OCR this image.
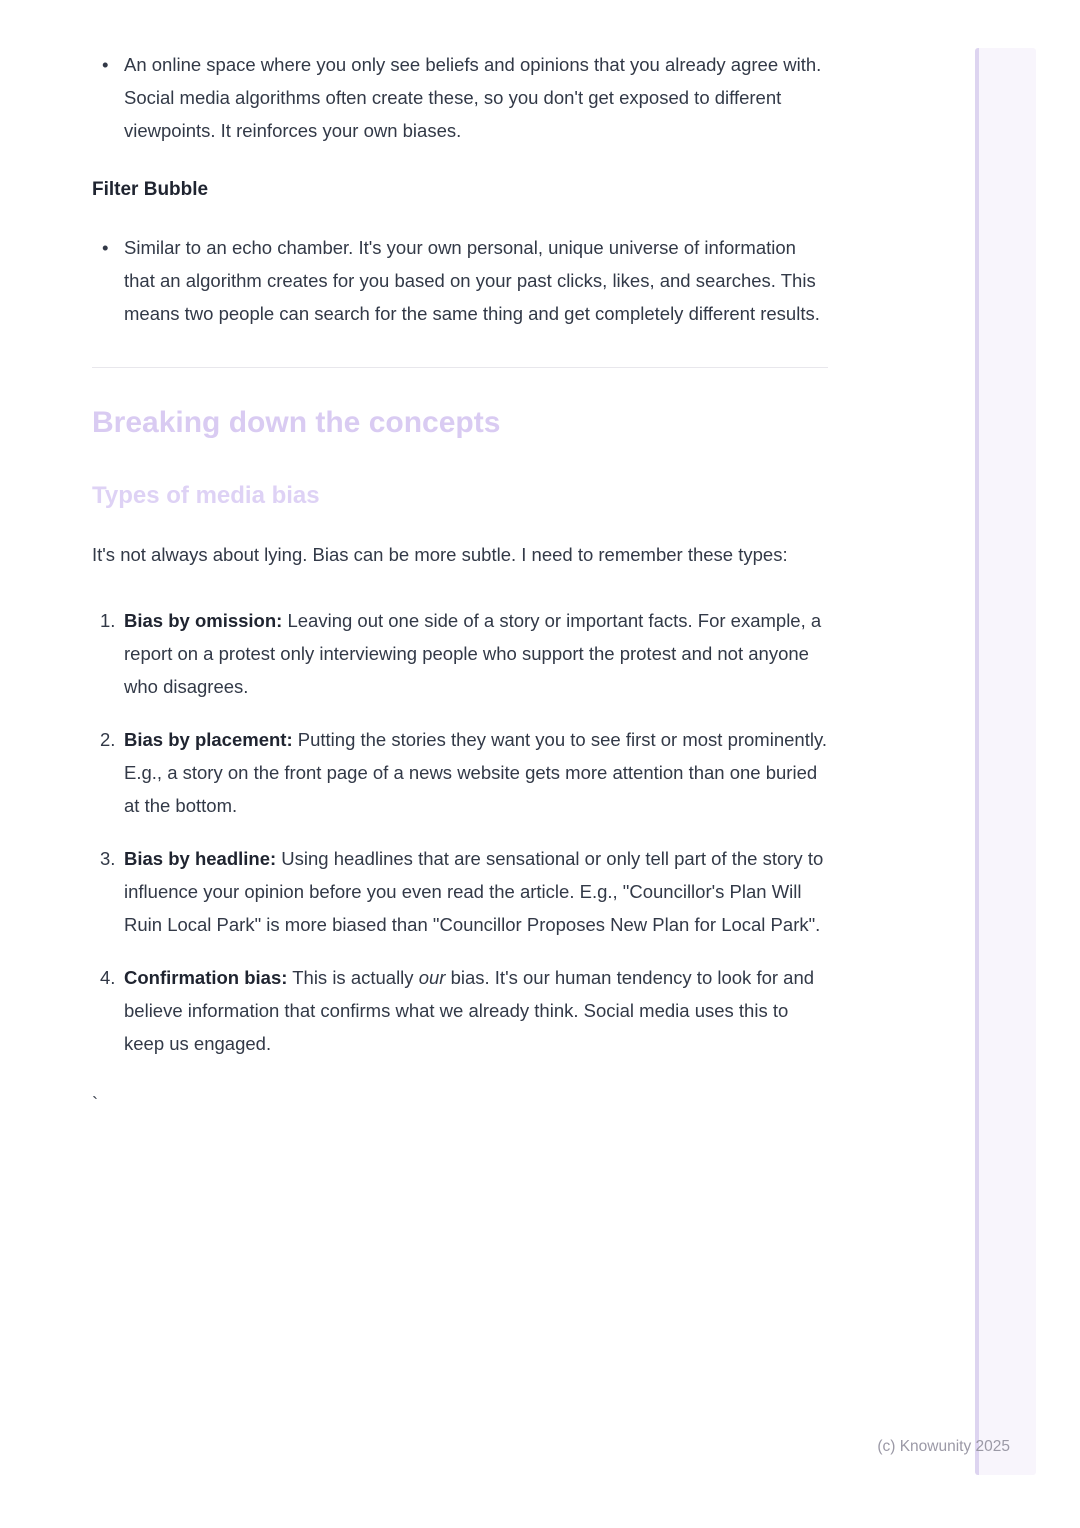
• An online space where you only see beliefs and opinions that you already agree with. Social media algorithms often create these, so you don't get exposed to different viewpoints. It reinforces your own biases.
Filter Bubble
• Similar to an echo chamber. It's your own personal, unique universe of information that an algorithm creates for you based on your past clicks, likes, and searches. This means two people can search for the same thing and get completely different results.
Breaking down the concepts
Types of media bias

It's not always about lying. Bias can be more subtle. I need to remember these types:

Bias by omission: Leaving out one side of a story or important facts. For example, a report on a protest only interviewing people who support the protest and not anyone who disagrees.
Bias by placement: Putting the stories they want you to see first or most prominently. E.g., a story on the front page of a news website gets more attention than one buried at the bottom.
Bias by headline: Using headlines that are sensational or only tell part of the story to influence your opinion before you even read the article. E.g., "Councillor's Plan Will Ruin Local Park" is more biased than "Councillor Proposes New Plan for Local Park".
Confirmation bias: This is actually our bias. It's our human tendency to look for and believe information that confirms what we already think. Social media uses this to keep us engaged.

`

(c) Knowunity 2025
